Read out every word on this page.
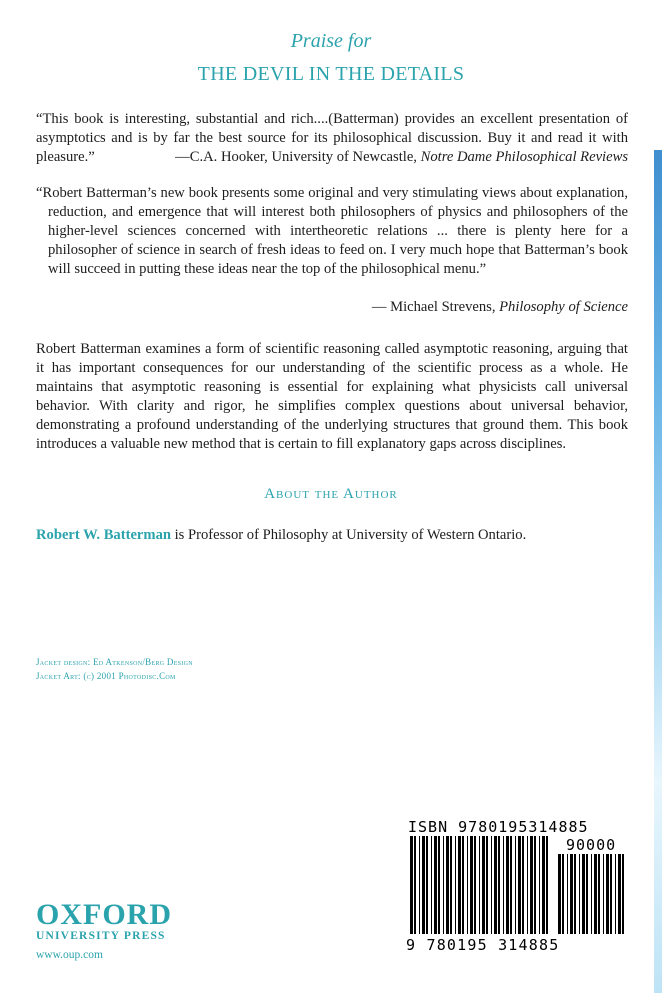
Praise for
THE DEVIL IN THE DETAILS

“This book is interesting, substantial and rich....(Batterman) provides an excellent presentation of asymptotics and is by far the best source for its philosophical discussion. Buy it and read it with pleasure.”	—C.A. Hooker, University of Newcastle, Notre Dame Philosophical Reviews

“Robert Batterman’s new book presents some original and very stimulating views about explanation, reduction, and emergence that will interest both philosophers of physics and philosophers of the higher-level sciences concerned with intertheoretic relations ... there is plenty here for a philosopher of science in search of fresh ideas to feed on. I very much hope that Batterman’s book will succeed in putting these ideas near the top of the philosophical menu.”

— Michael Strevens, Philosophy of Science

Robert Batterman examines a form of scientific reasoning called asymptotic reasoning, arguing that it has important consequences for our understanding of the scientific process as a whole. He maintains that asymptotic reasoning is essential for explaining what physicists call universal behavior. With clarity and rigor, he simplifies complex questions about universal behavior, demonstrating a profound understanding of the underlying structures that ground them. This book introduces a valuable new method that is certain to fill explanatory gaps across disciplines.

About the Author
Robert W. Batterman is Professor of Philosophy at University of Western Ontario.
Jacket design: Ed Atkenson/Berg Design
Jacket Art: (c) 2001 Photodisc.Com
OXFORD
UNIVERSITY PRESS
www.oup.com
ISBN 9780195314885
90000
9 780195 314885
